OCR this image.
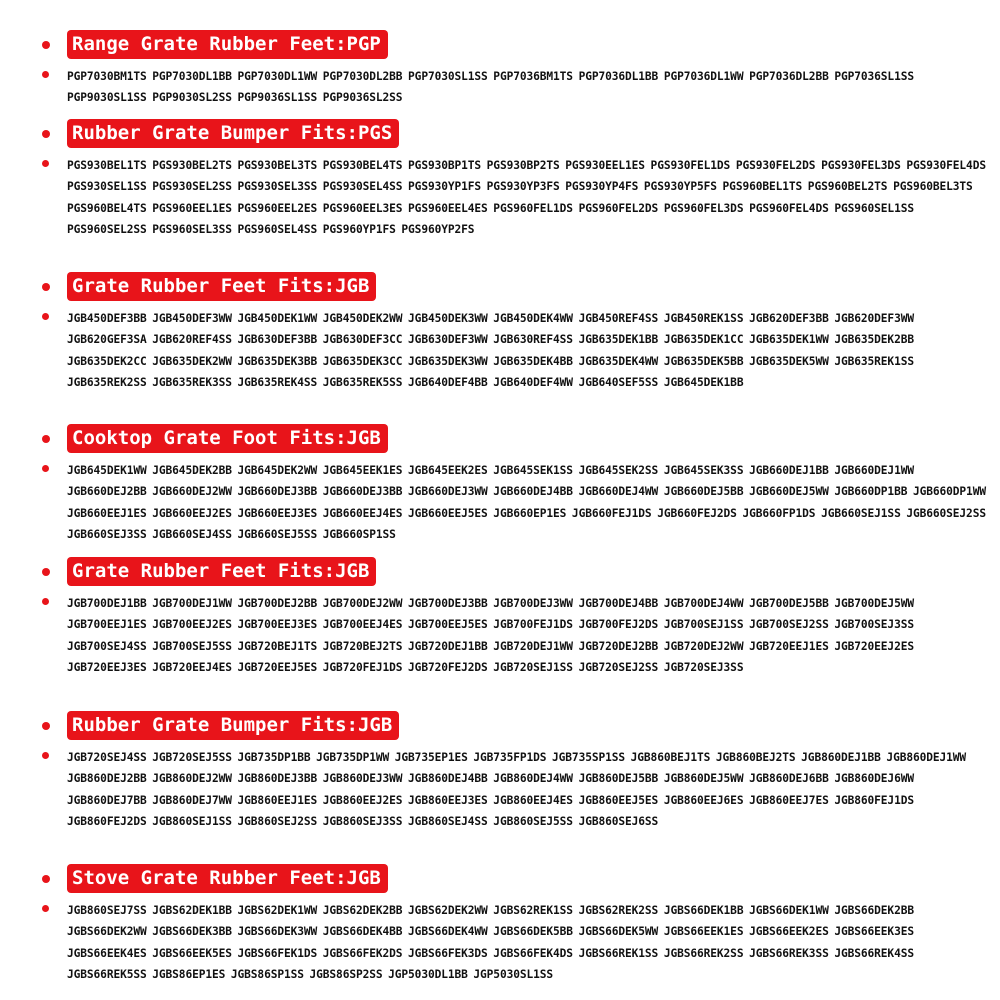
Range Grate Rubber Feet:PGP
PGP7030BM1TS PGP7030DL1BB PGP7030DL1WW PGP7030DL2BB PGP7030SL1SS PGP7036BM1TS PGP7036DL1BB PGP7036DL1WW PGP7036DL2BB PGP7036SL1SS PGP9030SL1SS PGP9030SL2SS PGP9036SL1SS PGP9036SL2SS
Rubber Grate Bumper Fits:PGS
PGS930BEL1TS PGS930BEL2TS PGS930BEL3TS PGS930BEL4TS PGS930BP1TS PGS930BP2TS PGS930EEL1ES PGS930FEL1DS PGS930FEL2DS PGS930FEL3DS PGS930FEL4DS PGS930SEL1SS PGS930SEL2SS PGS930SEL3SS PGS930SEL4SS PGS930YP1FS PGS930YP3FS PGS930YP4FS PGS930YP5FS PGS960BEL1TS PGS960BEL2TS PGS960BEL3TS PGS960BEL4TS PGS960EEL1ES PGS960EEL2ES PGS960EEL3ES PGS960EEL4ES PGS960FEL1DS PGS960FEL2DS PGS960FEL3DS PGS960FEL4DS PGS960SEL1SS PGS960SEL2SS PGS960SEL3SS PGS960SEL4SS PGS960YP1FS PGS960YP2FS
Grate Rubber Feet Fits:JGB
JGB450DEF3BB JGB450DEF3WW JGB450DEK1WW JGB450DEK2WW JGB450DEK3WW JGB450DEK4WW JGB450REF4SS JGB450REK1SS JGB620DEF3BB JGB620DEF3WW JGB620GEF3SA JGB620REF4SS JGB630DEF3BB JGB630DEF3CC JGB630DEF3WW JGB630REF4SS JGB635DEK1BB JGB635DEK1CC JGB635DEK1WW JGB635DEK2BB JGB635DEK2CC JGB635DEK2WW JGB635DEK3BB JGB635DEK3CC JGB635DEK3WW JGB635DEK4BB JGB635DEK4WW JGB635DEK5BB JGB635DEK5WW JGB635REK1SS JGB635REK2SS JGB635REK3SS JGB635REK4SS JGB635REK5SS JGB640DEF4BB JGB640DEF4WW JGB640SEF5SS JGB645DEK1BB
Cooktop Grate Foot Fits:JGB
JGB645DEK1WW JGB645DEK2BB JGB645DEK2WW JGB645EEK1ES JGB645EEK2ES JGB645SEK1SS JGB645SEK2SS JGB645SEK3SS JGB660DEJ1BB JGB660DEJ1WW JGB660DEJ2BB JGB660DEJ2WW JGB660DEJ3BB JGB660DEJ3BB JGB660DEJ3WW JGB660DEJ4BB JGB660DEJ4WW JGB660DEJ5BB JGB660DEJ5WW JGB660DP1BB JGB660DP1WW JGB660EEJ1ES JGB660EEJ2ES JGB660EEJ3ES JGB660EEJ4ES JGB660EEJ5ES JGB660EP1ES JGB660FEJ1DS JGB660FEJ2DS JGB660FP1DS JGB660SEJ1SS JGB660SEJ2SS JGB660SEJ3SS JGB660SEJ4SS JGB660SEJ5SS JGB660SP1SS
Grate Rubber Feet Fits:JGB
JGB700DEJ1BB JGB700DEJ1WW JGB700DEJ2BB JGB700DEJ2WW JGB700DEJ3BB JGB700DEJ3WW JGB700DEJ4BB JGB700DEJ4WW JGB700DEJ5BB JGB700DEJ5WW JGB700EEJ1ES JGB700EEJ2ES JGB700EEJ3ES JGB700EEJ4ES JGB700EEJ5ES JGB700FEJ1DS JGB700FEJ2DS JGB700SEJ1SS JGB700SEJ2SS JGB700SEJ3SS JGB700SEJ4SS JGB700SEJ5SS JGB720BEJ1TS JGB720BEJ2TS JGB720DEJ1BB JGB720DEJ1WW JGB720DEJ2BB JGB720DEJ2WW JGB720EEJ1ES JGB720EEJ2ES JGB720EEJ3ES JGB720EEJ4ES JGB720EEJ5ES JGB720FEJ1DS JGB720FEJ2DS JGB720SEJ1SS JGB720SEJ2SS JGB720SEJ3SS
Rubber Grate Bumper Fits:JGB
JGB720SEJ4SS JGB720SEJ5SS JGB735DP1BB JGB735DP1WW JGB735EP1ES JGB735FP1DS JGB735SP1SS JGB860BEJ1TS JGB860BEJ2TS JGB860DEJ1BB JGB860DEJ1WW JGB860DEJ2BB JGB860DEJ2WW JGB860DEJ3BB JGB860DEJ3WW JGB860DEJ4BB JGB860DEJ4WW JGB860DEJ5BB JGB860DEJ5WW JGB860DEJ6BB JGB860DEJ6WW JGB860DEJ7BB JGB860DEJ7WW JGB860EEJ1ES JGB860EEJ2ES JGB860EEJ3ES JGB860EEJ4ES JGB860EEJ5ES JGB860EEJ6ES JGB860EEJ7ES JGB860FEJ1DS JGB860FEJ2DS JGB860SEJ1SS JGB860SEJ2SS JGB860SEJ3SS JGB860SEJ4SS JGB860SEJ5SS JGB860SEJ6SS
Stove Grate Rubber Feet:JGB
JGB860SEJ7SS JGBS62DEK1BB JGBS62DEK1WW JGBS62DEK2BB JGBS62DEK2WW JGBS62REK1SS JGBS62REK2SS JGBS66DEK1BB JGBS66DEK1WW JGBS66DEK2BB JGBS66DEK2WW JGBS66DEK3BB JGBS66DEK3WW JGBS66DEK4BB JGBS66DEK4WW JGBS66DEK5BB JGBS66DEK5WW JGBS66EEK1ES JGBS66EEK2ES JGBS66EEK3ES JGBS66EEK4ES JGBS66EEK5ES JGBS66FEK1DS JGBS66FEK2DS JGBS66FEK3DS JGBS66FEK4DS JGBS66REK1SS JGBS66REK2SS JGBS66REK3SS JGBS66REK4SS JGBS66REK5SS JGBS86EP1ES JGBS86SP1SS JGBS86SP2SS JGP5030DL1BB JGP5030SL1SS
